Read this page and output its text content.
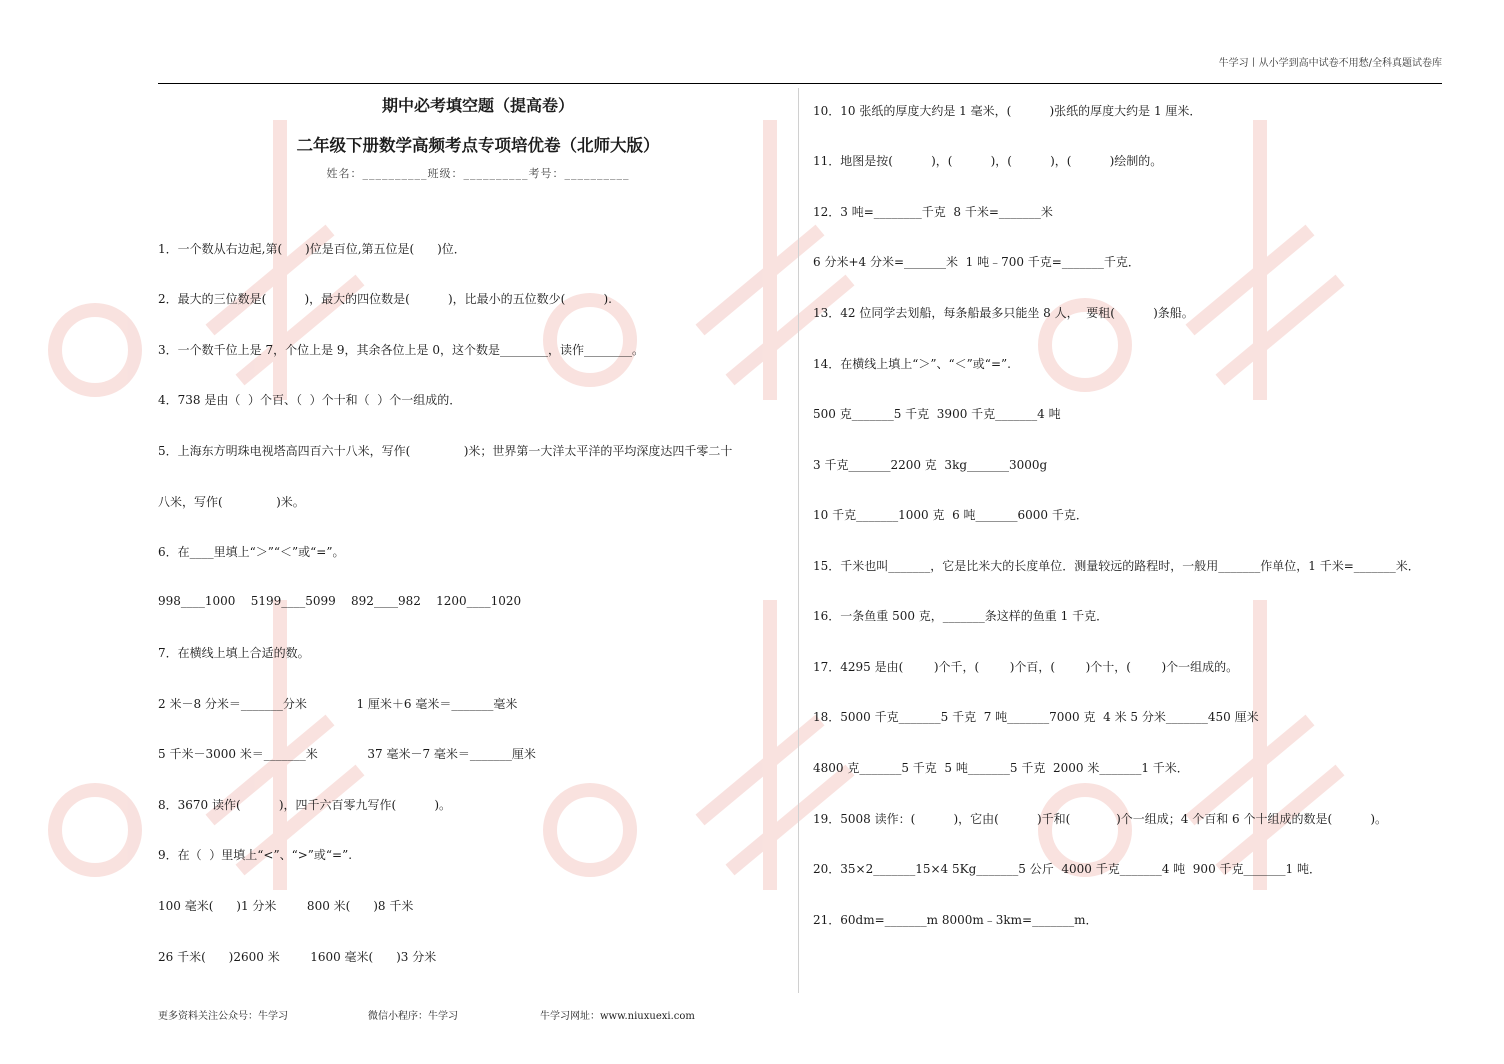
牛学习丨从小学到高中试卷不用愁/全科真题试卷库
期中必考填空题（提高卷）
二年级下册数学高频考点专项培优卷（北师大版）
姓名：__________班级：__________考号：__________

1．一个数从右边起,第(      )位是百位,第五位是(      )位．

2．最大的三位数是(          )，最大的四位数是(          )，比最小的五位数少(          ).

3．一个数千位上是 7，个位上是 9，其余各位上是 0，这个数是________，读作________。

4．738 是由（  ）个百、（  ）个十和（  ）个一组成的．

5．上海东方明珠电视塔高四百六十八米，写作(              )米；世界第一大洋太平洋的平均深度达四千零二十

八米，写作(              )米。

6．在____里填上“＞”“＜”或“=”。

998____1000    5199____5099    892____982    1200____1020

7．在横线上填上合适的数。

2 米－8 分米＝_______分米             1 厘米＋6 毫米＝_______毫米

5 千米－3000 米＝_______米             37 毫米－7 毫米＝_______厘米

8．3670 读作(          )，四千六百零九写作(          )。

9．在（  ）里填上“<”、“>”或“=”.

100 毫米(      )1 分米        800 米(      )8 千米

26 千米(      )2600 米        1600 毫米(      )3 分米

10．10 张纸的厚度大约是 1 毫米，(          )张纸的厚度大约是 1 厘米．

11．地图是按(          )，(          )，(          )，(          )绘制的。

12．3 吨=________千克  8 千米=_______米

6 分米+4 分米=_______米  1 吨﹣700 千克=_______千克．

13．42 位同学去划船，每条船最多只能坐 8 人，  要租(          )条船。

14．在横线上填上“＞”、“＜”或“=”.

500 克_______5 千克  3900 千克_______4 吨

3 千克_______2200 克  3kg_______3000g

10 千克_______1000 克  6 吨_______6000 千克．

15．千米也叫_______，它是比米大的长度单位．测量较远的路程时，一般用_______作单位，1 千米=_______米．

16．一条鱼重 500 克，_______条这样的鱼重 1 千克．

17．4295 是由(        )个千，(        )个百，(        )个十，(        )个一组成的。

18．5000 千克_______5 千克  7 吨_______7000 克  4 米 5 分米_______450 厘米

4800 克_______5 千克  5 吨_______5 千克  2000 米_______1 千米．

19．5008 读作：(          )，它由(          )千和(            )个一组成；4 个百和 6 个十组成的数是(          )。

20．35×2_______15×4 5Kg_______5 公斤  4000 千克_______4 吨  900 千克_______1 吨．

21．60dm=_______m 8000m﹣3km=_______m．

更多资料关注公众号：牛学习	微信小程序：牛学习	牛学习网址：www.niuxuexi.com
